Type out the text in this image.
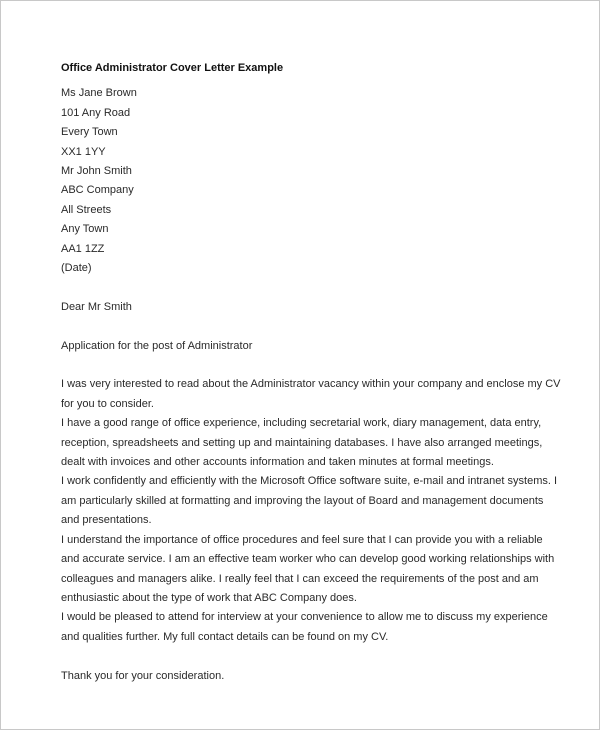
Office Administrator Cover Letter Example

Ms Jane Brown

101 Any Road

Every Town

XX1 1YY

Mr John Smith

ABC Company

All Streets

Any Town

AA1 1ZZ

(Date)

Dear Mr Smith

Application for the post of Administrator

I was very interested to read about the Administrator vacancy within your company and enclose my CV for you to consider.

I have a good range of office experience, including secretarial work, diary management, data entry, reception, spreadsheets and setting up and maintaining databases. I have also arranged meetings, dealt with invoices and other accounts information and taken minutes at formal meetings.

I work confidently and efficiently with the Microsoft Office software suite, e-mail and intranet systems. I am particularly skilled at formatting and improving the layout of Board and management documents and presentations.

I understand the importance of office procedures and feel sure that I can provide you with a reliable and accurate service. I am an effective team worker who can develop good working relationships with colleagues and managers alike. I really feel that I can exceed the requirements of the post and am enthusiastic about the type of work that ABC Company does.

I would be pleased to attend for interview at your convenience to allow me to discuss my experience and qualities further. My full contact details can be found on my CV.

Thank you for your consideration.
